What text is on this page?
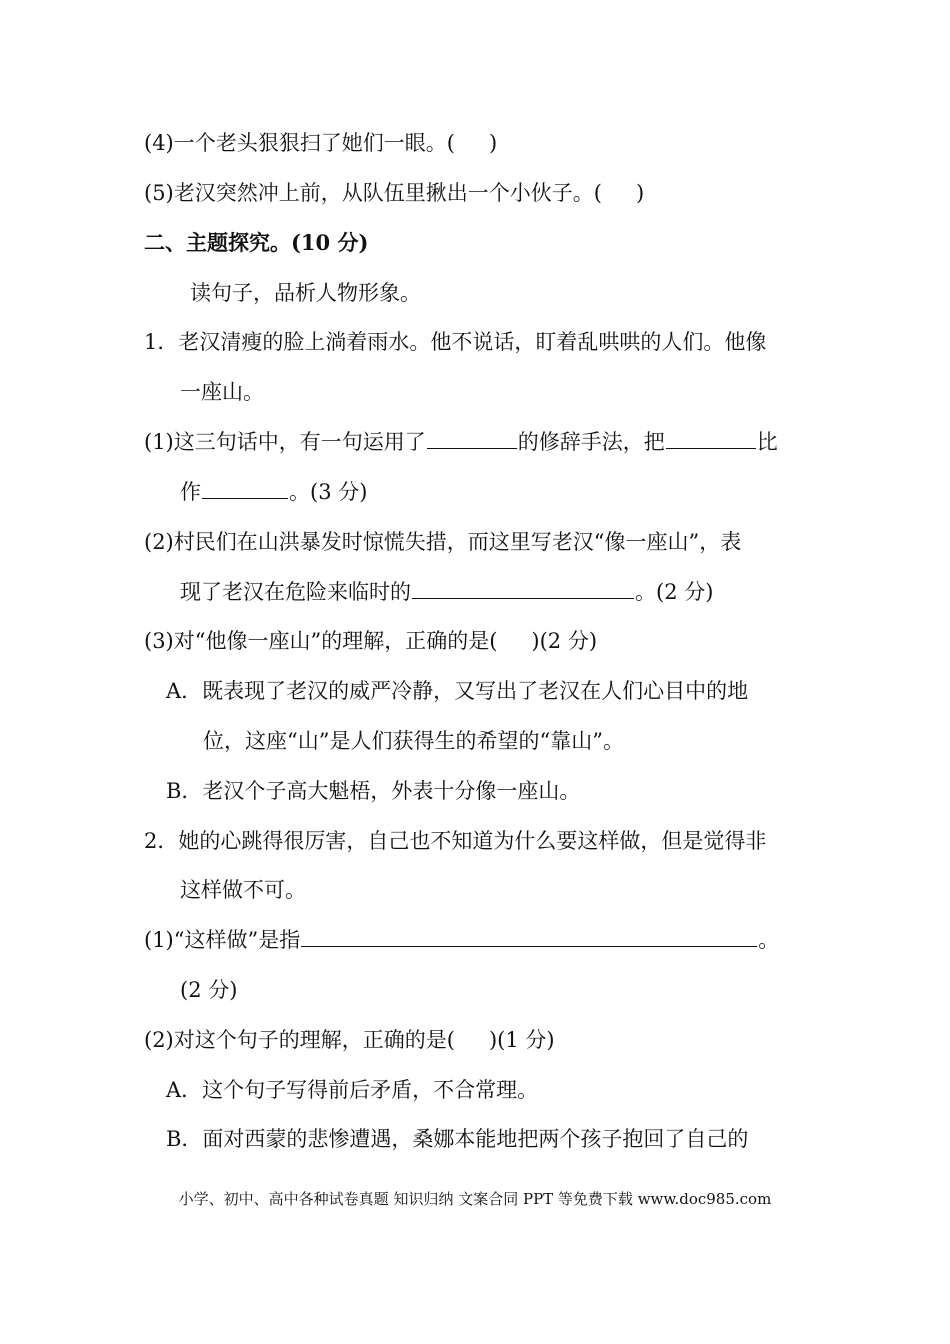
(4)一个老头狠狠扫了她们一眼。( )
(5)老汉突然冲上前，从队伍里揪出一个小伙子。( )
二、主题探究。(10 分)
读句子，品析人物形象。
1．老汉清瘦的脸上淌着雨水。他不说话，盯着乱哄哄的人们。他像
一座山。
(1)这三句话中，有一句运用了	的修辞手法，把	比
作	。(3 分)
(2)村民们在山洪暴发时惊慌失措，而这里写老汉“像一座山”，表
现了老汉在危险来临时的	。(2 分)
(3)对“他像一座山”的理解，正确的是( )(2 分)
A．既表现了老汉的威严冷静，又写出了老汉在人们心目中的地
位，这座“山”是人们获得生的希望的“靠山”。
B．老汉个子高大魁梧，外表十分像一座山。
2．她的心跳得很厉害，自己也不知道为什么要这样做，但是觉得非
这样做不可。
(1)“这样做”是指	。
(2 分)
(2)对这个句子的理解，正确的是( )(1 分)
A．这个句子写得前后矛盾，不合常理。
B．面对西蒙的悲惨遭遇，桑娜本能地把两个孩子抱回了自己的
小学、初中、高中各种试卷真题 知识归纳 文案合同 PPT 等免费下载 www.doc985.com
